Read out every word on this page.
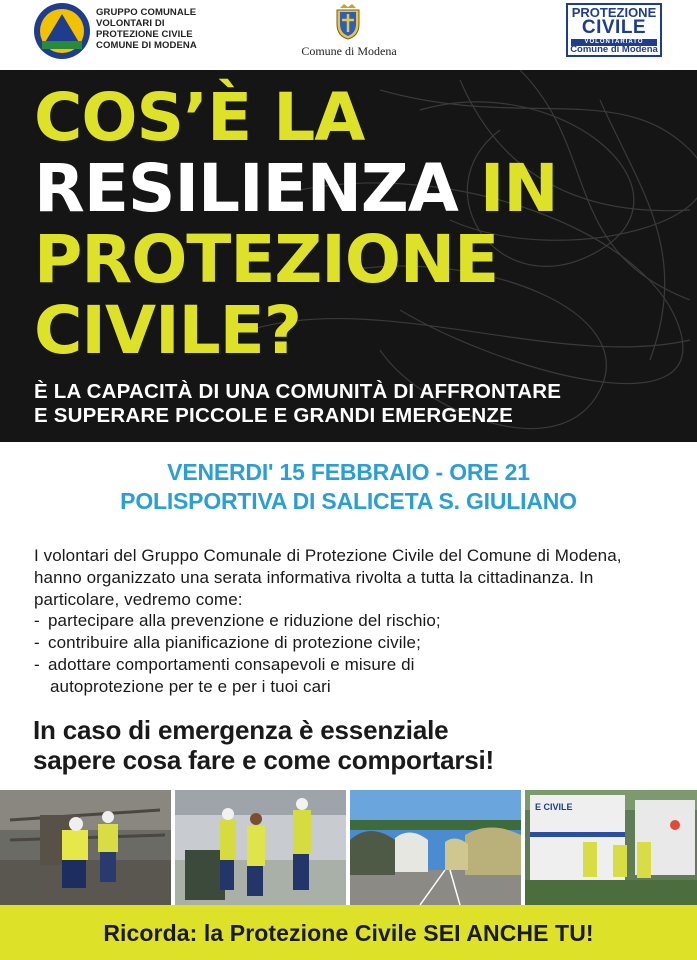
GRUPPO COMUNALE
VOLONTARI DI
PROTEZIONE CIVILE
COMUNE DI MODENA	Comune di Modena
PROTEZIONE
CIVILE
VOLONTARIATO
Comune di Modena
COS’È LA
RESILIENZA IN
PROTEZIONE
CIVILE?
È LA CAPACITÀ DI UNA COMUNITÀ DI AFFRONTARE
E SUPERARE PICCOLE E GRANDI EMERGENZE
VENERDI' 15 FEBBRAIO - ORE 21
POLISPORTIVA DI SALICETA S. GIULIANO

I volontari del Gruppo Comunale di Protezione Civile del Comune di Modena, hanno organizzato una serata informativa rivolta a tutta la cittadinanza. In particolare, vedremo come:

- partecipare alla prevenzione e riduzione del rischio;
- contribuire alla pianificazione di protezione civile;
- adottare comportamenti consapevoli e misure di
autoprotezione per te e per i tuoi cari
In caso di emergenza è essenziale
sapere cosa fare e come comportarsi!
E CIVILE
Ricorda: la Protezione Civile SEI ANCHE TU!
